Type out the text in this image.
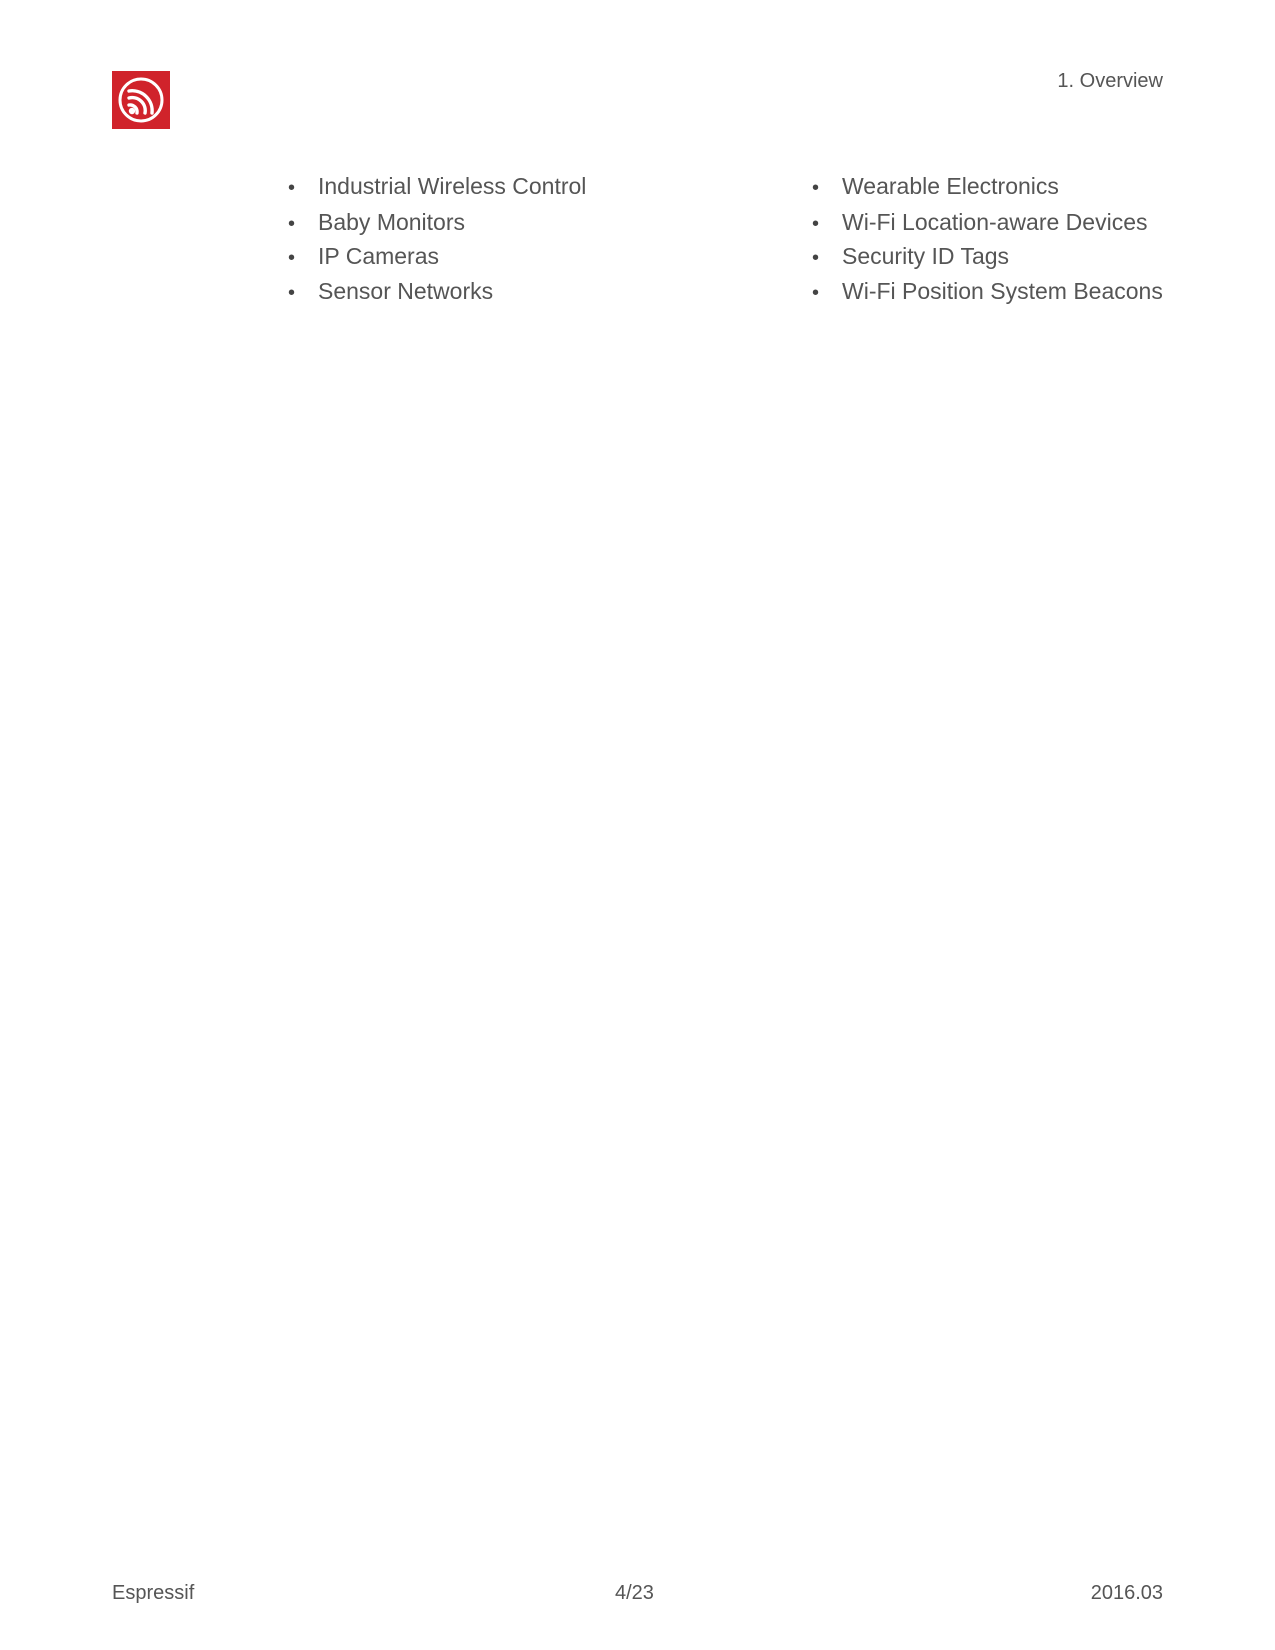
1. Overview
• Industrial Wireless Control
• Baby Monitors
• IP Cameras
• Sensor Networks
• Wearable Electronics
• Wi-Fi Location-aware Devices
• Security ID Tags
• Wi-Fi Position System Beacons
Espressif	4/23	2016.03
